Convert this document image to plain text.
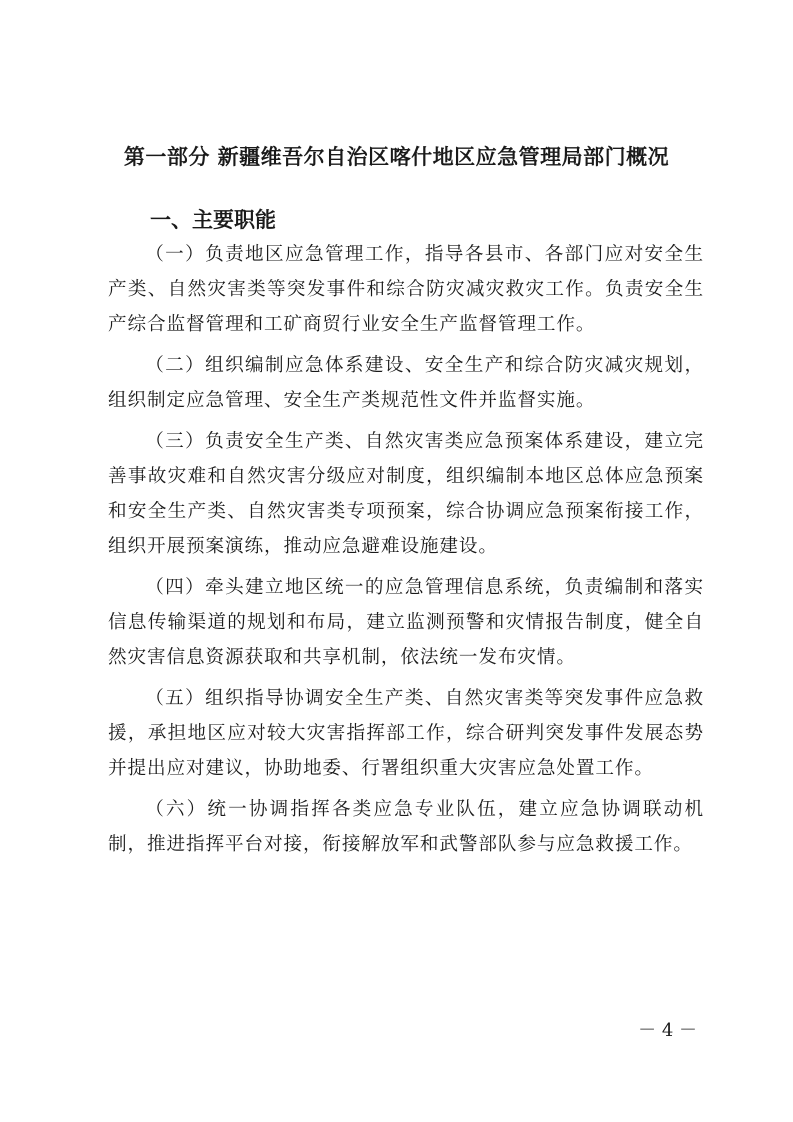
第一部分 新疆维吾尔自治区喀什地区应急管理局部门概况
一、主要职能

（一）负责地区应急管理工作，指导各县市、各部门应对安全生产类、自然灾害类等突发事件和综合防灾减灾救灾工作。负责安全生产综合监督管理和工矿商贸行业安全生产监督管理工作。

（二）组织编制应急体系建设、安全生产和综合防灾减灾规划，组织制定应急管理、安全生产类规范性文件并监督实施。

（三）负责安全生产类、自然灾害类应急预案体系建设，建立完善事故灾难和自然灾害分级应对制度，组织编制本地区总体应急预案和安全生产类、自然灾害类专项预案，综合协调应急预案衔接工作，组织开展预案演练，推动应急避难设施建设。

（四）牵头建立地区统一的应急管理信息系统，负责编制和落实信息传输渠道的规划和布局，建立监测预警和灾情报告制度，健全自然灾害信息资源获取和共享机制，依法统一发布灾情。

（五）组织指导协调安全生产类、自然灾害类等突发事件应急救援，承担地区应对较大灾害指挥部工作，综合研判突发事件发展态势并提出应对建议，协助地委、行署组织重大灾害应急处置工作。

（六）统一协调指挥各类应急专业队伍，建立应急协调联动机制，推进指挥平台对接，衔接解放军和武警部队参与应急救援工作。

－ 4 －
